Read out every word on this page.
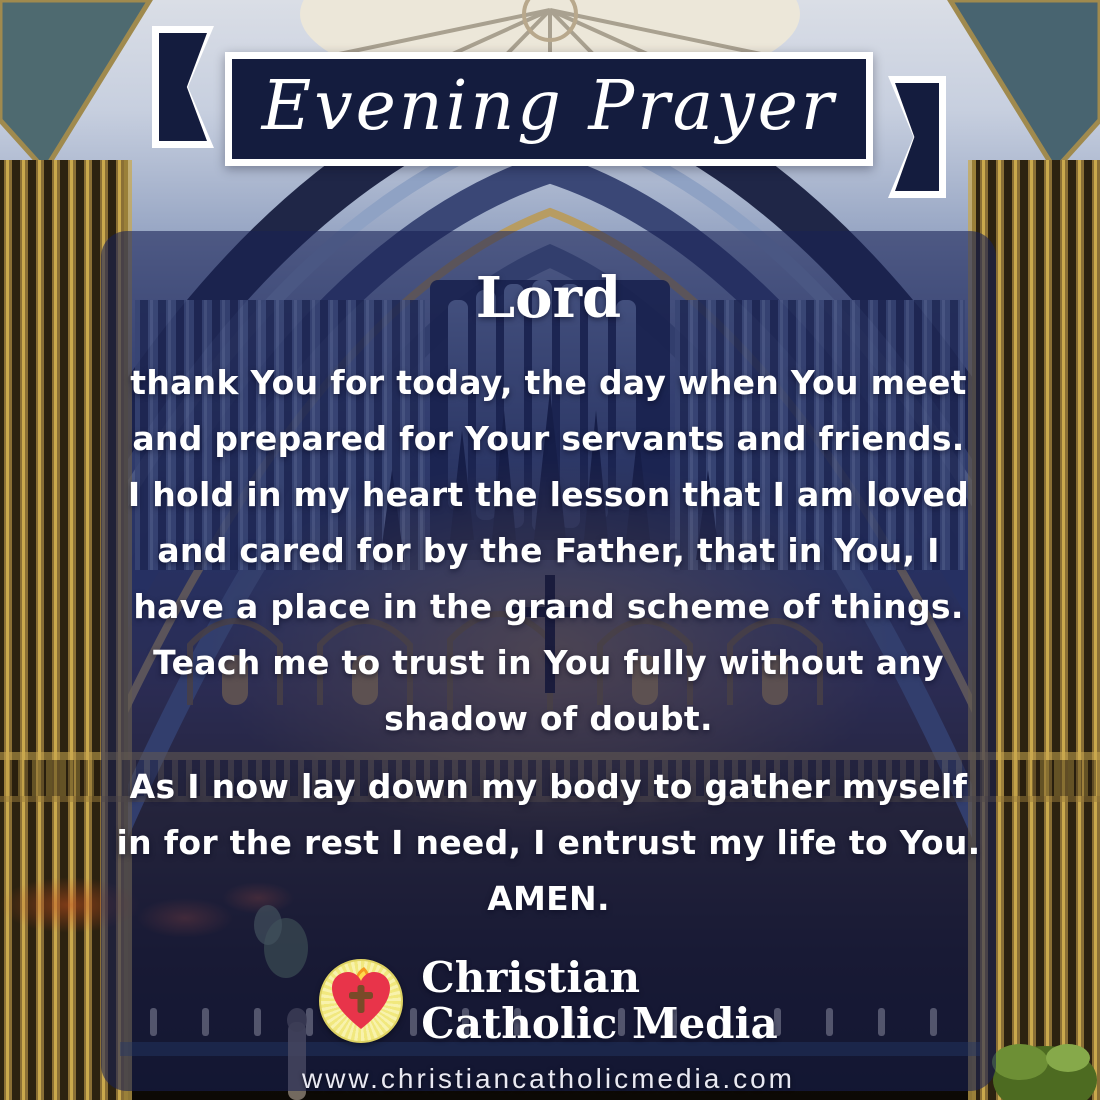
Lord
thank You for today, the day when You meet
and prepared for Your servants and friends.
I hold in my heart the lesson that I am loved
and cared for by the Father, that in You, I
have a place in the grand scheme of things.
Teach me to trust in You fully without any
shadow of doubt.
As I now lay down my body to gather myself
in for the rest I need, I entrust my life to You.
AMEN.
Christian
Catholic Media
www.christiancatholicmedia.com
Evening Prayer
